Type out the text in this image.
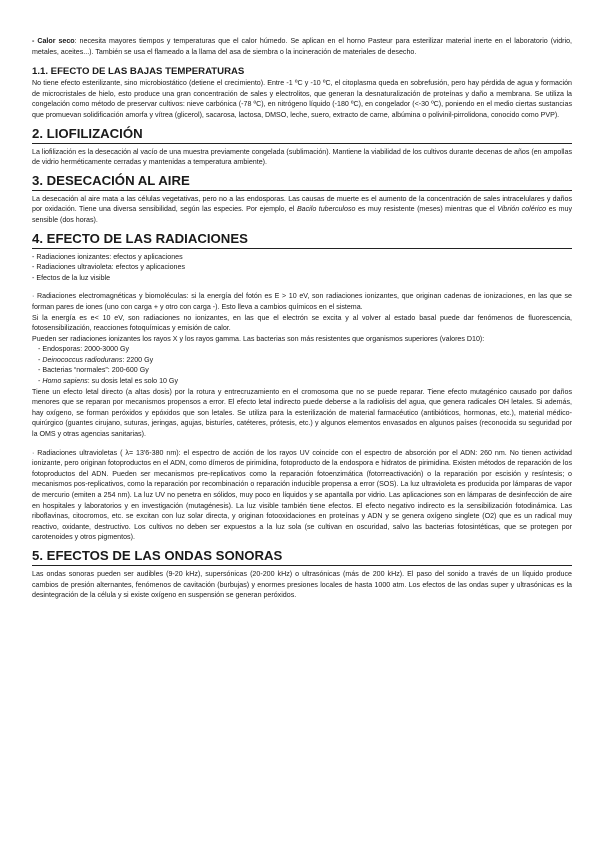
- Calor seco: necesita mayores tiempos y temperaturas que el calor húmedo. Se aplican en el horno Pasteur para esterilizar material inerte en el laboratorio (vidrio, metales, aceites...). También se usa el flameado a la llama del asa de siembra o la incineración de materiales de desecho.

1.1. EFECTO DE LAS BAJAS TEMPERATURAS

No tiene efecto esterilizante, sino microbiostático (detiene el crecimiento). Entre -1 ºC y -10 ºC, el citoplasma queda en sobrefusión, pero hay pérdida de agua y formación de microcristales de hielo, esto produce una gran concentración de sales y electrolitos, que generan la desnaturalización de proteínas y daño a membrana. Se utiliza la congelación como método de preservar cultivos: nieve carbónica (-78 ºC), en nitrógeno líquido (-180 ºC), en congelador (<-30 ºC), poniendo en el medio ciertas sustancias que promuevan solidificación amorfa y vítrea (glicerol), sacarosa, lactosa, DMSO, leche, suero, extracto de carne, albúmina o polivinil-pirrolidona, conocido como PVP).

2. LIOFILIZACIÓN

La liofilización es la desecación al vacío de una muestra previamente congelada (sublimación). Mantiene la viabilidad de los cultivos durante decenas de años (en ampollas de vidrio herméticamente cerradas y mantenidas a temperatura ambiente).

3. DESECACIÓN AL AIRE

La desecación al aire mata a las células vegetativas, pero no a las endosporas. Las causas de muerte es el aumento de la concentración de sales intracelulares y daños por oxidación. Tiene una diversa sensibilidad, según las especies. Por ejemplo, el Bacilo tuberculoso es muy resistente (meses) mientras que el Vibrión colérico es muy sensible (dos horas).

4. EFECTO DE LAS RADIACIONES

- Radiaciones ionizantes: efectos y aplicaciones

- Radiaciones ultravioleta: efectos y aplicaciones

- Efectos de la luz visible

· Radiaciones electromagnéticas y biomoléculas: si la energía del fotón es E > 10 eV, son radiaciones ionizantes, que originan cadenas de ionizaciones, en las que se forman pares de iones (uno con carga + y otro con carga -). Esto lleva a cambios químicos en el sistema.

Si la energía es e< 10 eV, son radiaciones no ionizantes, en las que el electrón se excita y al volver al estado basal puede dar fenómenos de fluorescencia, fotosensibilización, reacciones fotoquímicas y emisión de calor.

Pueden ser radiaciones ionizantes los rayos X y los rayos gamma. Las bacterias son más resistentes que organismos superiores (valores D10):

- Endosporas: 2000-3000 Gy

- Deinococcus radiodurans: 2200 Gy

- Bacterias “normales”: 200-600 Gy

- Homo sapiens: su dosis letal es solo 10 Gy

Tiene un efecto letal directo (a altas dosis) por la rotura y entrecruzamiento en el cromosoma que no se puede reparar. Tiene efecto mutagénico causado por daños menores que se reparan por mecanismos propensos a error. El efecto letal indirecto puede deberse a la radiolisis del agua, que genera radicales OH letales. Si además, hay oxígeno, se forman peróxidos y epóxidos que son letales. Se utiliza para la esterilización de material farmacéutico (antibióticos, hormonas, etc.), material médico-quirúrgico (guantes cirujano, suturas, jeringas, agujas, bisturíes, catéteres, prótesis, etc.) y algunos elementos envasados en algunos países (reconocida su seguridad por la OMS y otras agencias sanitarias).

· Radiaciones ultravioletas ( λ= 13'6-380 nm): el espectro de acción de los rayos UV coincide con el espectro de absorción por el ADN: 260 nm. No tienen actividad ionizante, pero originan fotoproductos en el ADN, como dímeros de pirimidina, fotoproducto de la endospora e hidratos de pirimidina. Existen métodos de reparación de los fotoproductos del ADN. Pueden ser mecanismos pre-replicativos como la reparación fotoenzimática (fotorreactivación) o la reparación por escisión y resíntesis; o mecanismos pos-replicativos, como la reparación por recombinación o reparación inducible propensa a error (SOS). La luz ultravioleta es producida por lámparas de vapor de mercurio (emiten a 254 nm). La luz UV no penetra en sólidos, muy poco en líquidos y se apantalla por vidrio. Las aplicaciones son en lámparas de desinfección de aire en hospitales y laboratorios y en investigación (mutagénesis). La luz visible también tiene efectos. El efecto negativo indirecto es la sensibilización fotodinámica. Las riboflavinas, citocromos, etc. se excitan con luz solar directa, y originan fotooxidaciones en proteínas y ADN y se genera oxígeno singlete (O2) que es un radical muy reactivo, oxidante, destructivo. Los cultivos no deben ser expuestos a la luz sola (se cultivan en oscuridad, salvo las bacterias fotosintéticas, que se protegen por carotenoides y otros pigmentos).

5. EFECTOS DE LAS ONDAS SONORAS

Las ondas sonoras pueden ser audibles (9-20 kHz), supersónicas (20-200 kHz) o ultrasónicas (más de 200 kHz). El paso del sonido a través de un líquido produce cambios de presión alternantes, fenómenos de cavitación (burbujas) y enormes presiones locales de hasta 1000 atm. Los efectos de las ondas super y ultrasónicas es la desintegración de la célula y si existe oxígeno en suspensión se generan peróxidos.
